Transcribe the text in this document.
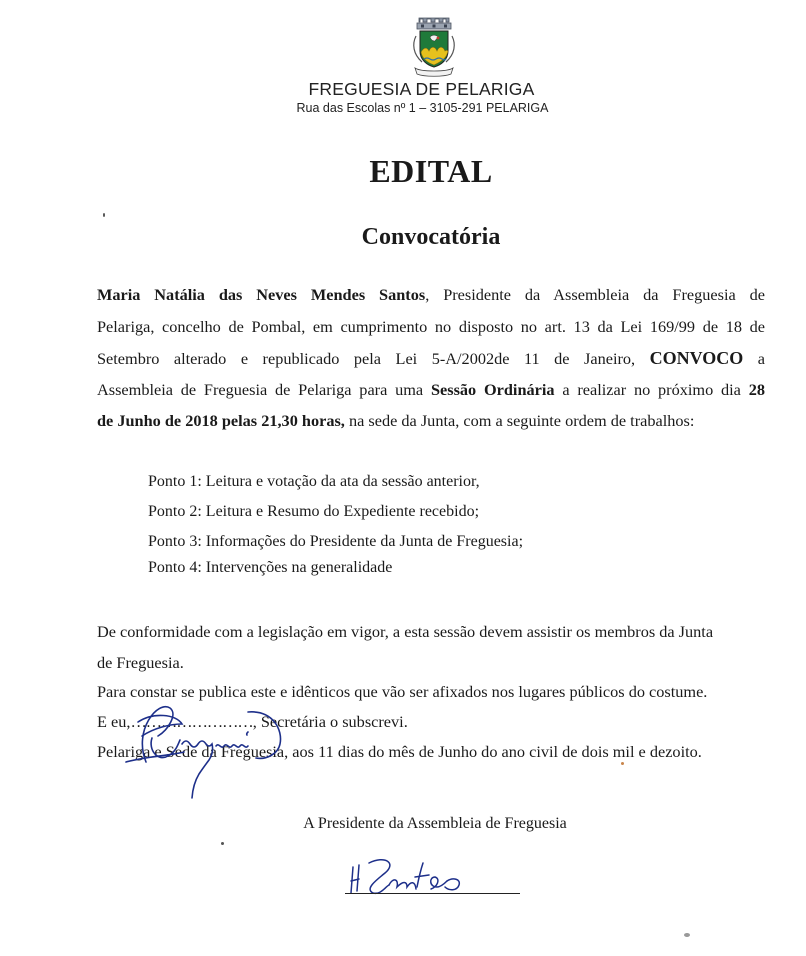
FREGUESIA DE PELARIGA
Rua das Escolas nº 1 – 3105-291 PELARIGA
EDITAL
Convocatória
Maria Natália das Neves Mendes Santos, Presidente da Assembleia da Freguesia de
Pelariga, concelho de Pombal, em cumprimento no disposto no art. 13 da Lei 169/99 de 18 de
Setembro alterado e republicado pela Lei 5-A/2002de 11 de Janeiro, CONVOCO a
Assembleia de Freguesia de Pelariga para uma Sessão Ordinária a realizar no próximo dia 28
de Junho de 2018 pelas 21,30 horas, na sede da Junta, com a seguinte ordem de trabalhos:
Ponto 1: Leitura e votação da ata da sessão anterior,
Ponto 2: Leitura e Resumo do Expediente recebido;
Ponto 3: Informações do Presidente da Junta de Freguesia;
Ponto 4: Intervenções na generalidade
De conformidade com a legislação em vigor, a esta sessão devem assistir os membros da Junta
de Freguesia.
Para constar se publica este e idênticos que vão ser afixados nos lugares públicos do costume.
E eu,……………………, Secretária o subscrevi.
Pelariga e Sede da Freguesia, aos 11 dias do mês de Junho do ano civil de dois mil e dezoito.
A Presidente da Assembleia de Freguesia
